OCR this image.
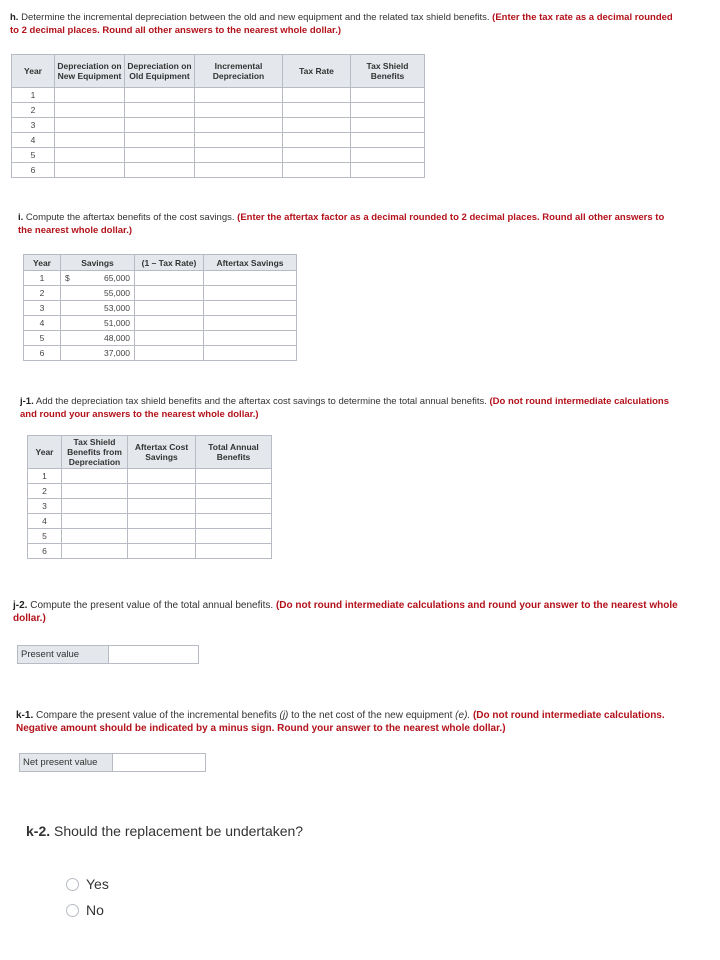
h. Determine the incremental depreciation between the old and new equipment and the related tax shield benefits. (Enter the tax rate as a decimal rounded to 2 decimal places. Round all other answers to the nearest whole dollar.)
Year	Depreciation on New Equipment	Depreciation on Old Equipment	Incremental Depreciation	Tax Rate	Tax Shield Benefits
1					
2					
3					
4					
5					
6					
i. Compute the aftertax benefits of the cost savings. (Enter the aftertax factor as a decimal rounded to 2 decimal places. Round all other answers to the nearest whole dollar.)
Year	Savings		(1 – Tax Rate)	Aftertax Savings
1	$	65,000		
2		55,000		
3		53,000		
4		51,000		
5		48,000		
6		37,000		
j-1. Add the depreciation tax shield benefits and the aftertax cost savings to determine the total annual benefits. (Do not round intermediate calculations and round your answers to the nearest whole dollar.)
Year	Tax Shield Benefits from Depreciation	Aftertax Cost Savings	Total Annual Benefits
1			
2			
3			
4			
5			
6			
j-2. Compute the present value of the total annual benefits. (Do not round intermediate calculations and round your answer to the nearest whole dollar.)
Present value
k-1. Compare the present value of the incremental benefits (j) to the net cost of the new equipment (e). (Do not round intermediate calculations. Negative amount should be indicated by a minus sign. Round your answer to the nearest whole dollar.)
Net present value
k-2. Should the replacement be undertaken?
Yes
No
